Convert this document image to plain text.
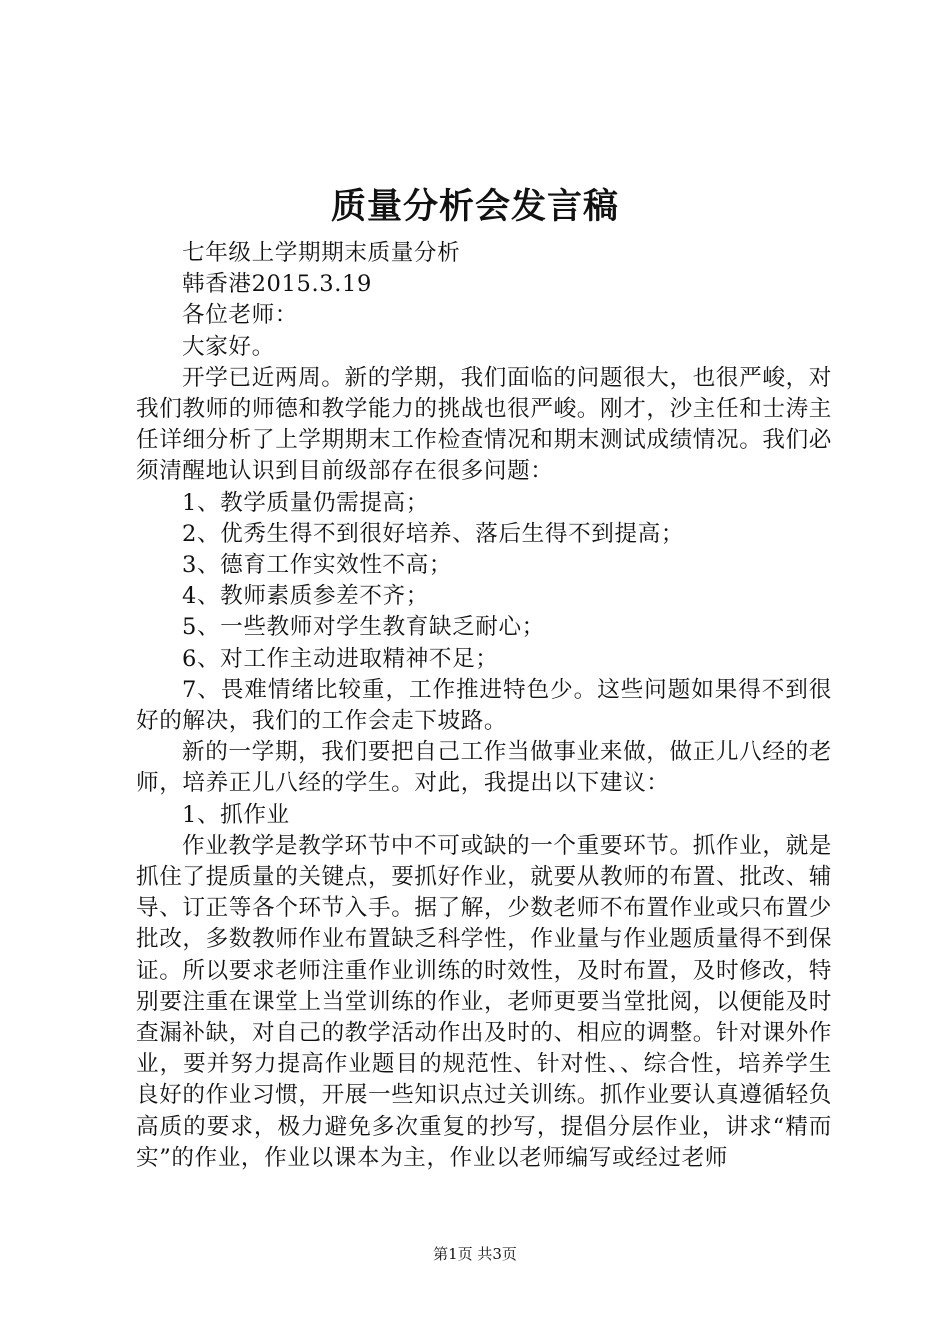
质量分析会发言稿

七年级上学期期末质量分析

韩香港2015.3.19

各位老师：

大家好。

开学已近两周。新的学期，我们面临的问题很大，也很严峻，对我们教师的师德和教学能力的挑战也很严峻。刚才，沙主任和士涛主任详细分析了上学期期末工作检查情况和期末测试成绩情况。我们必须清醒地认识到目前级部存在很多问题：

1、教学质量仍需提高；

2、优秀生得不到很好培养、落后生得不到提高；

3、德育工作实效性不高；

4、教师素质参差不齐；

5、一些教师对学生教育缺乏耐心；

6、对工作主动进取精神不足；

7、畏难情绪比较重，工作推进特色少。这些问题如果得不到很好的解决，我们的工作会走下坡路。

新的一学期，我们要把自己工作当做事业来做，做正儿八经的老师，培养正儿八经的学生。对此，我提出以下建议：

1、抓作业

作业教学是教学环节中不可或缺的一个重要环节。抓作业，就是抓住了提质量的关键点，要抓好作业，就要从教师的布置、批改、辅导、订正等各个环节入手。据了解，少数老师不布置作业或只布置少批改，多数教师作业布置缺乏科学性，作业量与作业题质量得不到保证。所以要求老师注重作业训练的时效性，及时布置，及时修改，特别要注重在课堂上当堂训练的作业，老师更要当堂批阅，以便能及时查漏补缺，对自己的教学活动作出及时的、相应的调整。针对课外作业，要并努力提高作业题目的规范性、针对性、、综合性，培养学生良好的作业习惯，开展一些知识点过关训练。抓作业要认真遵循轻负高质的要求，极力避免多次重复的抄写，提倡分层作业，讲求“精而实”的作业，作业以课本为主，作业以老师编写或经过老师

第1页 共3页
